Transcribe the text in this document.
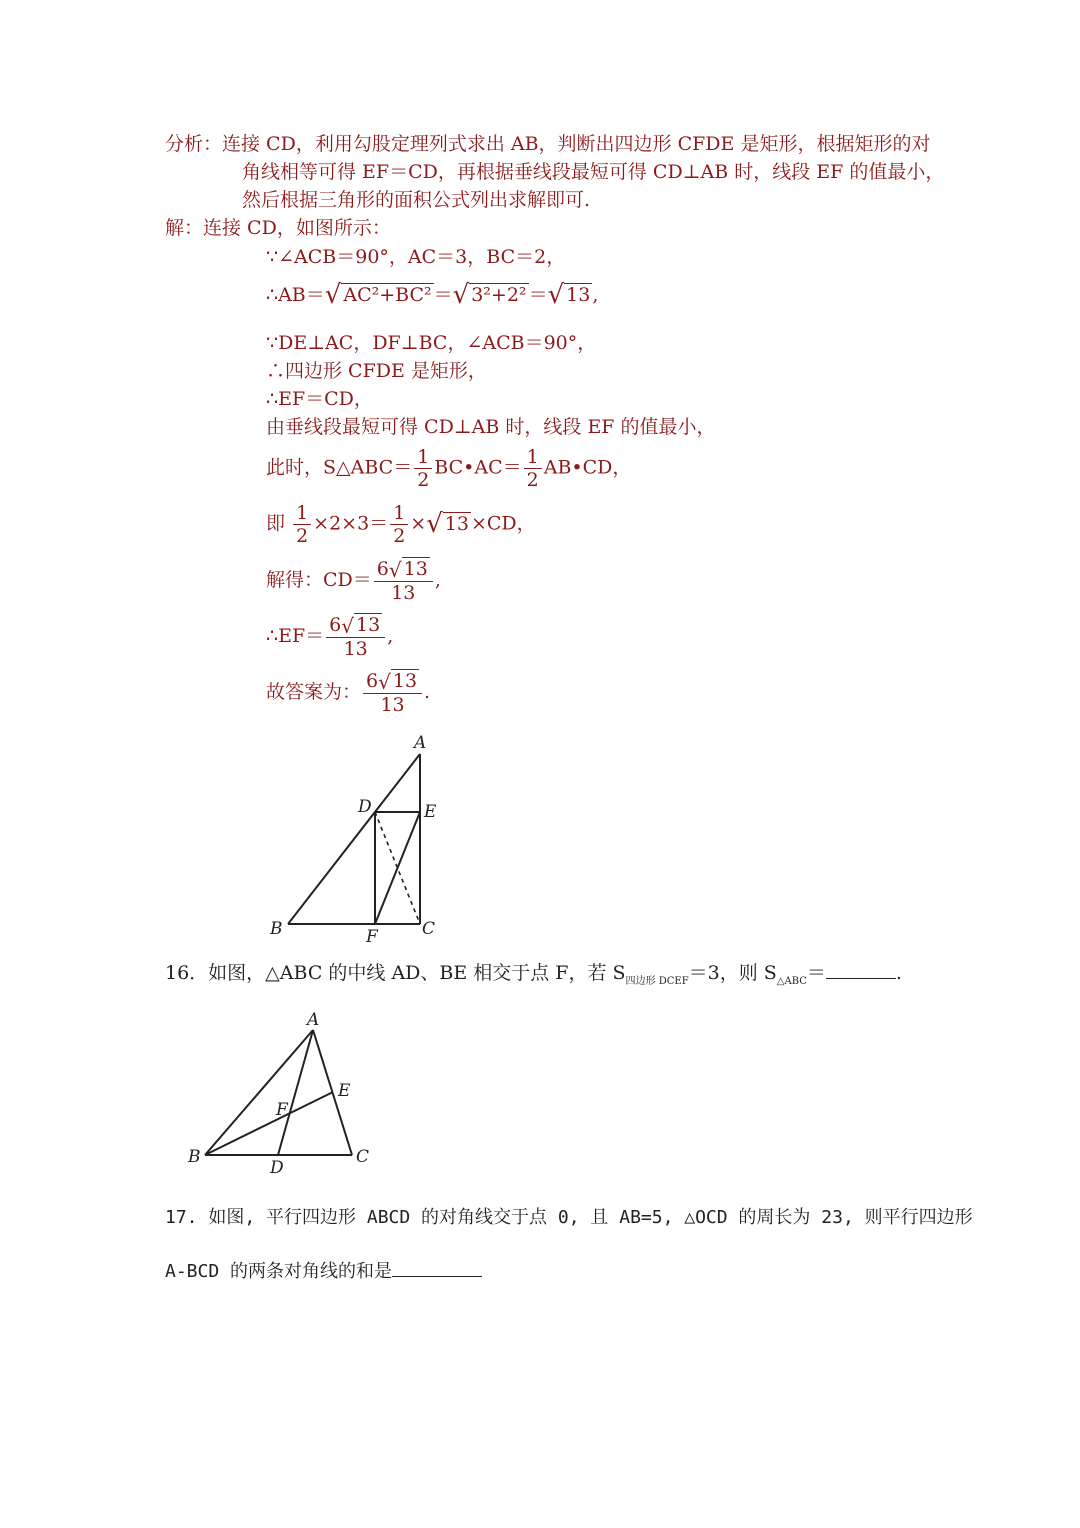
分析：连接 CD，利用勾股定理列式求出 AB，判断出四边形 CFDE 是矩形，根据矩形的对
角线相等可得 EF＝CD，再根据垂线段最短可得 CD⊥AB 时，线段 EF 的值最小，
然后根据三角形的面积公式列出求解即可.
解：连接 CD，如图所示：
∵∠ACB＝90°，AC＝3，BC＝2，
∴AB＝√ AC²+BC² ＝√ 3²+2² ＝√ 13 ,
∵DE⊥AC，DF⊥BC，∠ACB＝90°，
∴四边形 CFDE 是矩形，
∴EF＝CD，
由垂线段最短可得 CD⊥AB 时，线段 EF 的值最小，
此时，S△ABC＝ $\frac{1}{2}$ BC•AC＝ $\frac{1}{2}$ AB•CD，
即 $\frac{1}{2} \times 2\times 3= \frac{1}{2}$ ×√ 13 ×CD，
解得：$CD= \frac{6√ 13}{13}$ ,
∴EF＝ $\frac{6√ 13}{13}$ ,
故答案为： $\frac{6√ 13}{13}$ .
A
D	E
B	F	C
16．如图，△ABC 的中线 AD、BE 相交于点 F，若 $S_{四边形 DCEF}=3$，则 $S_{\triangle ABC}=$	.
A
E
F
B
D
C
17. 如图, 平行四边形 ABCD 的对角线交于点 0, 且 AB=5, △OCD 的周长为 23, 则平行四边形
A-BCD 的两条对角线的和是
